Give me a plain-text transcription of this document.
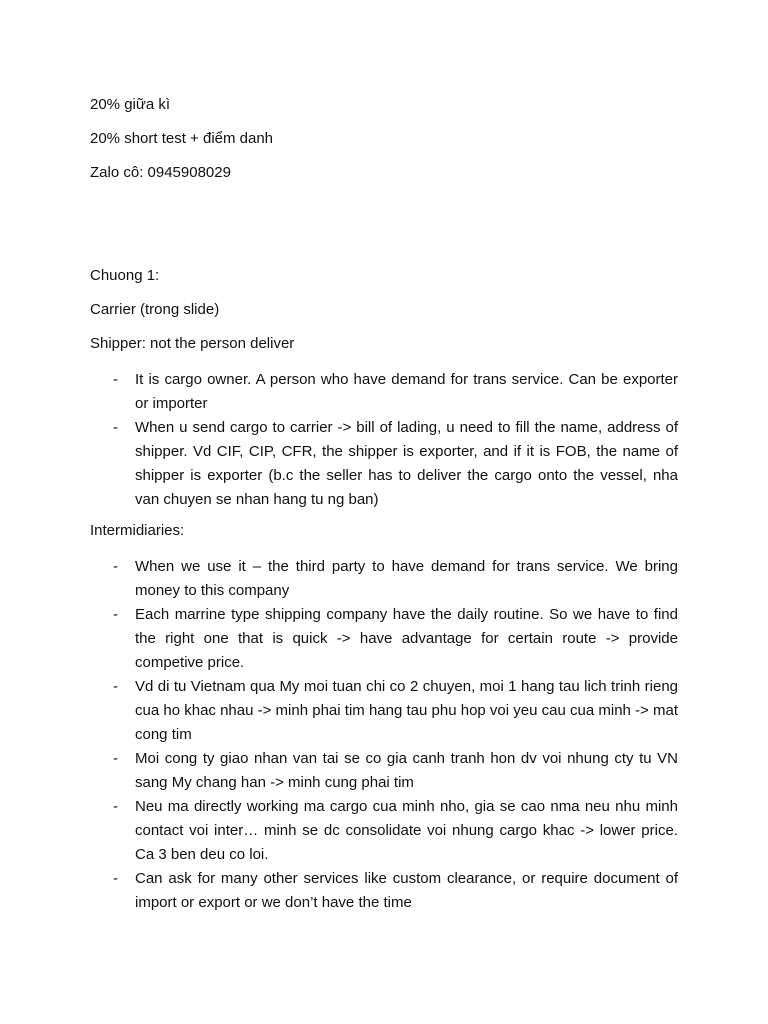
20% giữa kì
20% short test + điểm danh
Zalo cô: 0945908029
Chuong 1:
Carrier (trong slide)
Shipper: not the person deliver
- It is cargo owner. A person who have demand for trans service. Can be exporter or importer
- When u send cargo to carrier -> bill of lading, u need to fill the name, address of shipper. Vd CIF, CIP, CFR, the shipper is exporter, and if it is FOB, the name of shipper is exporter (b.c the seller has to deliver the cargo onto the vessel, nha van chuyen se nhan hang tu ng ban)
Intermidiaries:
- When we use it – the third party to have demand for trans service. We bring money to this company
- Each marrine type shipping company have the daily routine. So we have to find the right one that is quick -> have advantage for certain route -> provide competive price.
- Vd di tu Vietnam qua My moi tuan chi co 2 chuyen, moi 1 hang tau lich trinh rieng cua ho khac nhau -> minh phai tim hang tau phu hop voi yeu cau cua minh -> mat cong tim
- Moi cong ty giao nhan van tai se co gia canh tranh hon dv voi nhung cty tu VN sang My chang han -> minh cung phai tim
- Neu ma directly working ma cargo cua minh nho, gia se cao nma neu nhu minh contact voi inter… minh se dc consolidate voi nhung cargo khac -> lower price. Ca 3 ben deu co loi.
- Can ask for many other services like custom clearance, or require document of import or export or we don’t have the time
